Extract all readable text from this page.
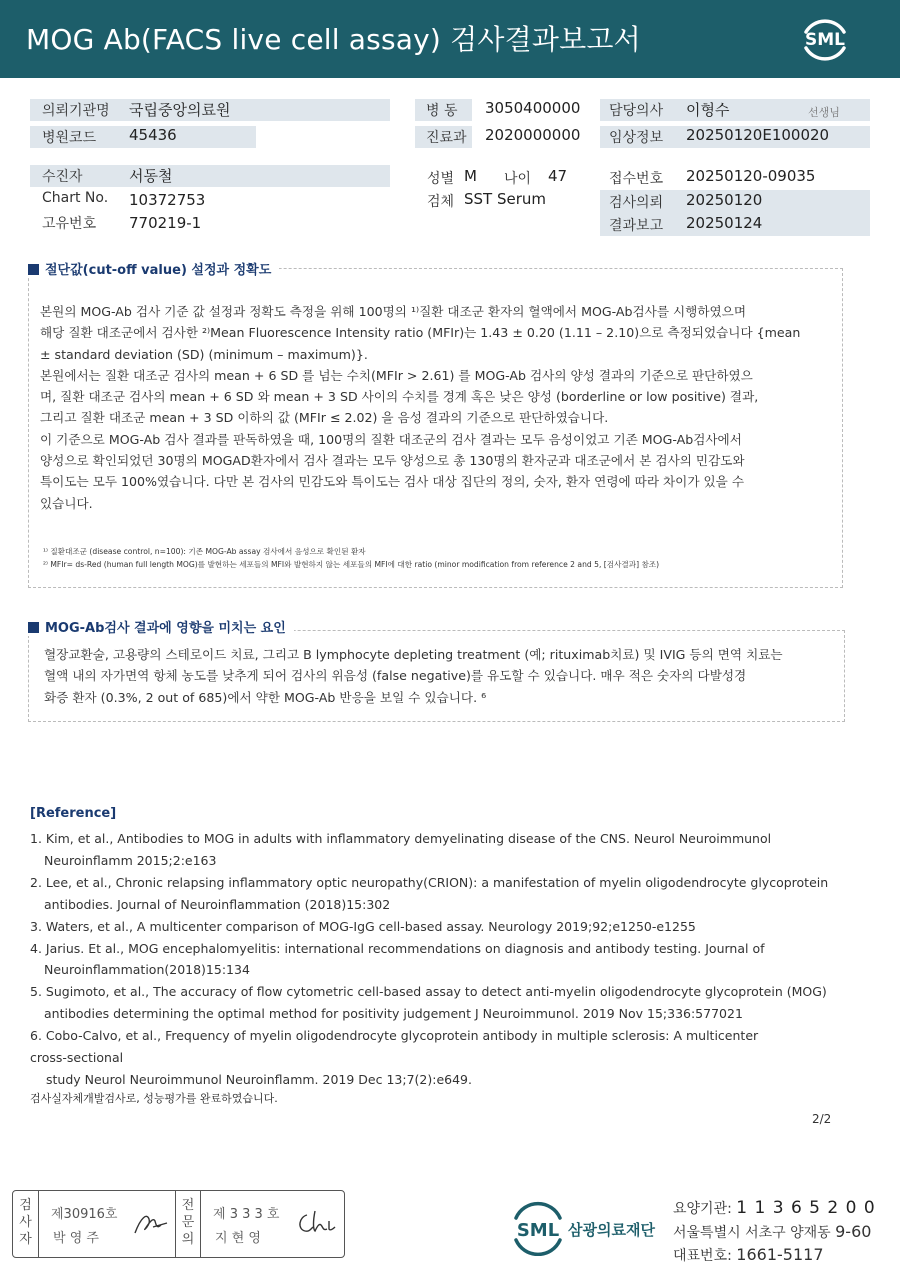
MOG Ab(FACS live cell assay) 검사결과보고서	SML
의뢰기관명 국립중앙의료원
병원코드 45436
병 동 3050400000
진료과 2020000000
담당의사 이형수	선생님
임상정보 20250120E100020
수진자	서동철
Chart No. 10372753
고유번호 770219-1
성별 M 나이 47
검체 SST Serum
접수번호 20250120-09035
검사의뢰 20250120
결과보고 20250124
절단값(cut-off value) 설정과 정확도

본원의 MOG-Ab 검사 기준 값 설정과 정확도 측정을 위해 100명의 ¹⁾질환 대조군 환자의 혈액에서 MOG-Ab검사를 시행하였으며

해당 질환 대조군에서 검사한 ²⁾Mean Fluorescence Intensity ratio (MFIr)는 1.43 ± 0.20 (1.11 – 2.10)으로 측정되었습니다 {mean

± standard deviation (SD) (minimum – maximum)}.

본원에서는 질환 대조군 검사의 mean + 6 SD 를 넘는 수치(MFIr > 2.61) 를 MOG-Ab 검사의 양성 결과의 기준으로 판단하였으

며, 질환 대조군 검사의 mean + 6 SD 와 mean + 3 SD 사이의 수치를 경계 혹은 낮은 양성 (borderline or low positive) 결과,

그리고 질환 대조군 mean + 3 SD 이하의 값 (MFIr ≤ 2.02) 을 음성 결과의 기준으로 판단하였습니다.

이 기준으로 MOG-Ab 검사 결과를 판독하였을 때, 100명의 질환 대조군의 검사 결과는 모두 음성이었고 기존 MOG-Ab검사에서

양성으로 확인되었던 30명의 MOGAD환자에서 검사 결과는 모두 양성으로 총 130명의 환자군과 대조군에서 본 검사의 민감도와

특이도는 모두 100%였습니다. 다만 본 검사의 민감도와 특이도는 검사 대상 집단의 정의, 숫자, 환자 연령에 따라 차이가 있을 수

있습니다.

¹⁾ 질환대조군 (disease control, n=100): 기존 MOG-Ab assay 검사에서 음성으로 확인된 환자
²⁾ MFIr= ds-Red (human full length MOG)를 발현하는 세포들의 MFI와 발현하지 않는 세포들의 MFI에 대한 ratio (minor modification from reference 2 and 5, [검사결과] 참조)
MOG-Ab검사 결과에 영향을 미치는 요인

혈장교환술, 고용량의 스테로이드 치료, 그리고 B lymphocyte depleting treatment (예; rituximab치료) 및 IVIG 등의 면역 치료는

혈액 내의 자가면역 항체 농도를 낮추게 되어 검사의 위음성 (false negative)를 유도할 수 있습니다. 매우 적은 숫자의 다발성경

화증 환자 (0.3%, 2 out of 685)에서 약한 MOG-Ab 반응을 보일 수 있습니다. ⁶

[Reference]

1. Kim, et al., Antibodies to MOG in adults with inflammatory demyelinating disease of the CNS. Neurol Neuroimmunol

Neuroinflamm 2015;2:e163

2. Lee, et al., Chronic relapsing inflammatory optic neuropathy(CRION): a manifestation of myelin oligodendrocyte glycoprotein

antibodies. Journal of Neuroinflammation (2018)15:302

3. Waters, et al., A multicenter comparison of MOG-IgG cell-based assay. Neurology 2019;92;e1250-e1255

4. Jarius. Et al., MOG encephalomyelitis: international recommendations on diagnosis and antibody testing. Journal of

Neuroinflammation(2018)15:134

5. Sugimoto, et al., The accuracy of flow cytometric cell-based assay to detect anti-myelin oligodendrocyte glycoprotein (MOG)

antibodies determining the optimal method for positivity judgement J Neuroimmunol. 2019 Nov 15;336:577021

6. Cobo-Calvo, et al., Frequency of myelin oligodendrocyte glycoprotein antibody in multiple sclerosis: A multicenter

cross-sectional

study Neurol Neuroimmunol Neuroinflamm. 2019 Dec 13;7(2):e649.

검사실자체개발검사로, 성능평가를 완료하였습니다.
2/2
검
사
자
제30916호
박 영 주
전
문
의
제 3 3 3 호
지 현 영	SML 삼광의료재단
요양기관: 1 1 3 6 5 2 0 0
서울특별시 서초구 양재동 9-60
대표번호: 1661-5117
